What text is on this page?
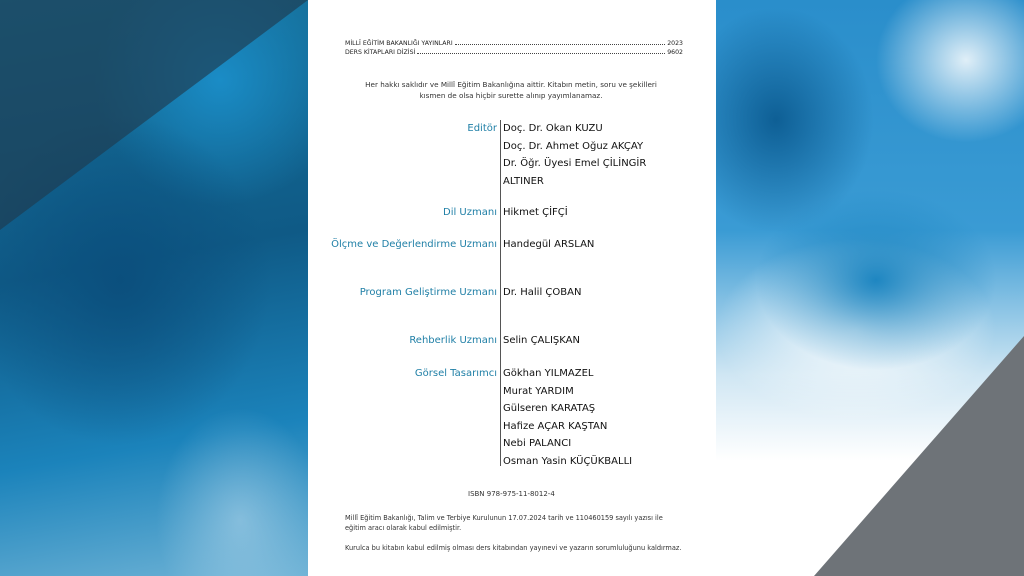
MİLLÎ EĞİTİM BAKANLIĞI YAYINLARI	2023
DERS KİTAPLARI DİZİSİ	9602
Her hakkı saklıdır ve Millî Eğitim Bakanlığına aittir. Kitabın metin, soru ve şekilleri kısmen de olsa hiçbir surette alınıp yayımlanamaz.
Editör Doç. Dr. Okan KUZU
Doç. Dr. Ahmet Oğuz AKÇAY
Dr. Öğr. Üyesi Emel ÇİLİNGİR
ALTINER
Dil Uzmanı Hikmet ÇİFÇİ
Ölçme ve Değerlendirme Uzmanı Handegül ARSLAN
Program Geliştirme Uzmanı Dr. Halil ÇOBAN
Rehberlik Uzmanı Selin ÇALIŞKAN
Görsel Tasarımcı Gökhan YILMAZEL
Murat YARDIM
Gülseren KARATAŞ
Hafize AÇAR KAŞTAN
Nebi PALANCI
Osman Yasin KÜÇÜKBALLI
ISBN 978-975-11-8012-4
Millî Eğitim Bakanlığı, Talim ve Terbiye Kurulunun 17.07.2024 tarih ve 110460159 sayılı yazısı ile eğitim aracı olarak kabul edilmiştir.
Kurulca bu kitabın kabul edilmiş olması ders kitabından yayınevi ve yazarın sorumluluğunu kaldırmaz.
